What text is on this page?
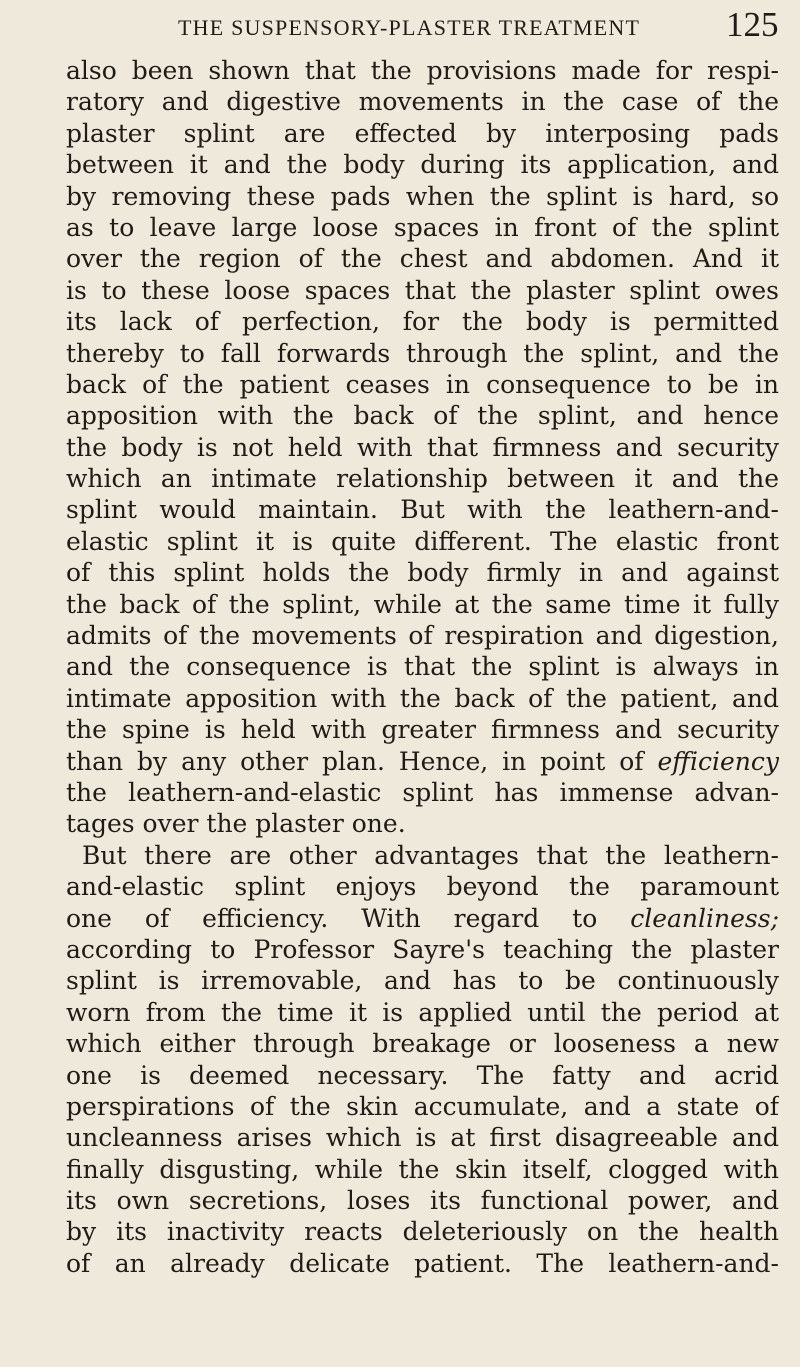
THE SUSPENSORY-PLASTER TREATMENT	125
also been shown that the provisions made for respi-
ratory and digestive movements in the case of the
plaster splint are effected by interposing pads
between it and the body during its application, and
by removing these pads when the splint is hard, so
as to leave large loose spaces in front of the splint
over the region of the chest and abdomen. And it
is to these loose spaces that the plaster splint owes
its lack of perfection, for the body is permitted
thereby to fall forwards through the splint, and the
back of the patient ceases in consequence to be in
apposition with the back of the splint, and hence
the body is not held with that firmness and security
which an intimate relationship between it and the
splint would maintain. But with the leathern-and-
elastic splint it is quite different. The elastic front
of this splint holds the body firmly in and against
the back of the splint, while at the same time it fully
admits of the movements of respiration and digestion,
and the consequence is that the splint is always in
intimate apposition with the back of the patient, and
the spine is held with greater firmness and security
than by any other plan. Hence, in point of efficiency
the leathern-and-elastic splint has immense advan-
tages over the plaster one.
But there are other advantages that the leathern-
and-elastic splint enjoys beyond the paramount
one of efficiency. With regard to cleanliness;
according to Professor Sayre's teaching the plaster
splint is irremovable, and has to be continuously
worn from the time it is applied until the period at
which either through breakage or looseness a new
one is deemed necessary. The fatty and acrid
perspirations of the skin accumulate, and a state of
uncleanness arises which is at first disagreeable and
finally disgusting, while the skin itself, clogged with
its own secretions, loses its functional power, and
by its inactivity reacts deleteriously on the health
of an already delicate patient. The leathern-and-
